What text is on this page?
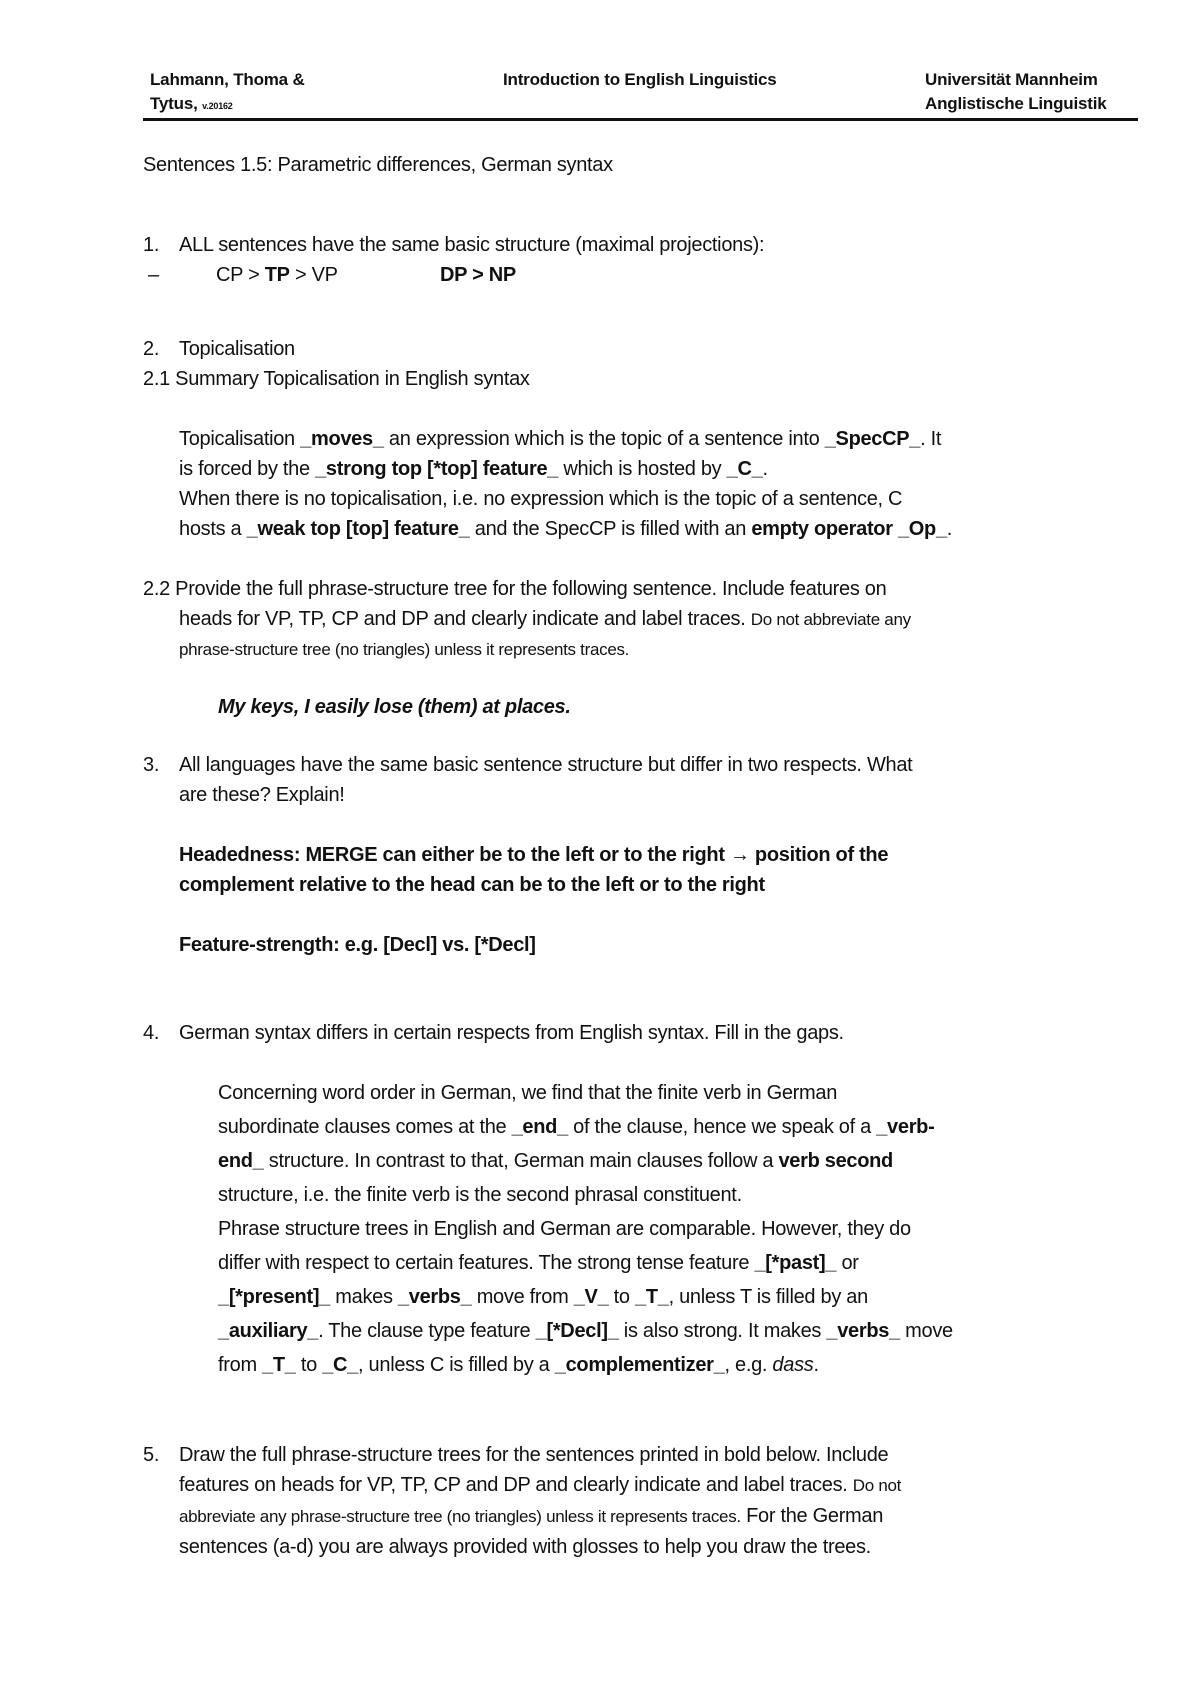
Lahmann, Thoma &
Tytus, v.20162
Introduction to English Linguistics	Universität Mannheim
Anglistische Linguistik
Sentences 1.5: Parametric differences, German syntax
1. ALL sentences have the same basic structure (maximal projections):
–	CP > TP > VP	DP > NP
2. Topicalisation
2.1 Summary Topicalisation in English syntax
Topicalisation _moves_ an expression which is the topic of a sentence into _SpecCP_. It
is forced by the _strong top [*top] feature_ which is hosted by _C_.
When there is no topicalisation, i.e. no expression which is the topic of a sentence, C
hosts a _weak top [top] feature_ and the SpecCP is filled with an empty operator _Op_.
2.2 Provide the full phrase-structure tree for the following sentence. Include features on
heads for VP, TP, CP and DP and clearly indicate and label traces. Do not abbreviate any
phrase-structure tree (no triangles) unless it represents traces.
My keys, I easily lose (them) at places.
3. All languages have the same basic sentence structure but differ in two respects. What
are these? Explain!
Headedness: MERGE can either be to the left or to the right → position of the
complement relative to the head can be to the left or to the right
Feature-strength: e.g. [Decl] vs. [*Decl]
4. German syntax differs in certain respects from English syntax. Fill in the gaps.
Concerning word order in German, we find that the finite verb in German
subordinate clauses comes at the _end_ of the clause, hence we speak of a _verb-
end_ structure. In contrast to that, German main clauses follow a verb second
structure, i.e. the finite verb is the second phrasal constituent.
Phrase structure trees in English and German are comparable. However, they do
differ with respect to certain features. The strong tense feature _[*past]_ or
_[*present]_ makes _verbs_ move from _V_ to _T_, unless T is filled by an
_auxiliary_. The clause type feature _[*Decl]_ is also strong. It makes _verbs_ move
from _T_ to _C_, unless C is filled by a _complementizer_, e.g. dass.
5. Draw the full phrase-structure trees for the sentences printed in bold below. Include
features on heads for VP, TP, CP and DP and clearly indicate and label traces. Do not
abbreviate any phrase-structure tree (no triangles) unless it represents traces. For the German
sentences (a-d) you are always provided with glosses to help you draw the trees.
